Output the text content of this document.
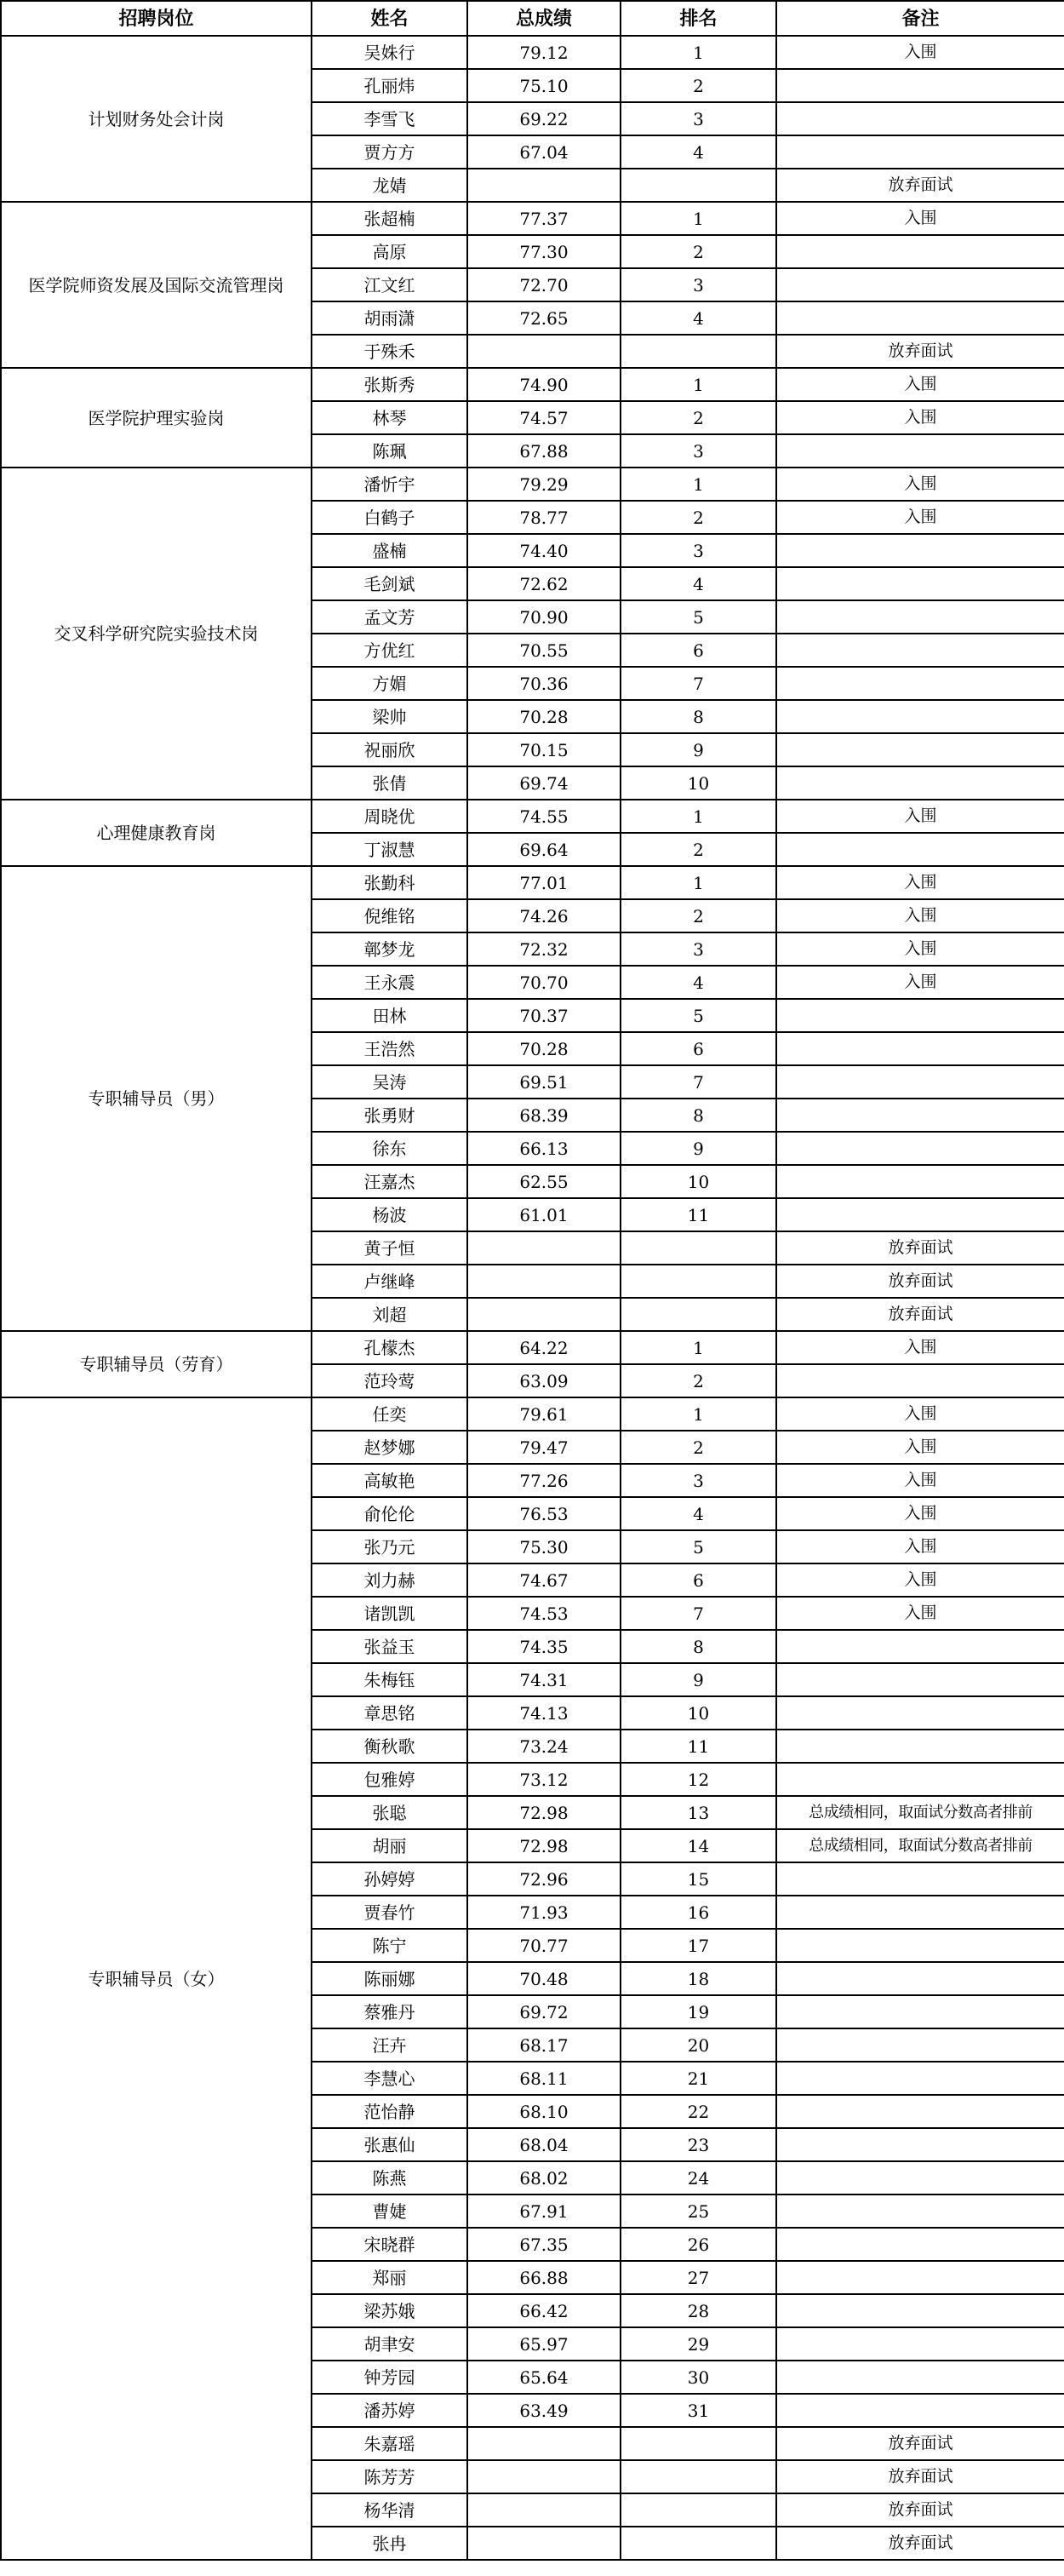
招聘岗位	姓名	总成绩	排名	备注
计划财务处会计岗	吴姝行	79.12	1	入围
	孔丽炜	75.10	2	
	李雪飞	69.22	3	
	贾方方	67.04	4	
	龙婧			放弃面试
医学院师资发展及国际交流管理岗	张超楠	77.37	1	入围
	高原	77.30	2	
	江文红	72.70	3	
	胡雨潇	72.65	4	
	于殊禾			放弃面试
医学院护理实验岗	张斯秀	74.90	1	入围
	林琴	74.57	2	入围
	陈珮	67.88	3	
交叉科学研究院实验技术岗	潘忻宇	79.29	1	入围
	白鹤子	78.77	2	入围
	盛楠	74.40	3	
	毛剑斌	72.62	4	
	孟文芳	70.90	5	
	方优红	70.55	6	
	方媚	70.36	7	
	梁帅	70.28	8	
	祝丽欣	70.15	9	
	张倩	69.74	10	
心理健康教育岗	周晓优	74.55	1	入围
	丁淑慧	69.64	2	
专职辅导员（男）	张勤科	77.01	1	入围
	倪维铭	74.26	2	入围
	鄣梦龙	72.32	3	入围
	王永震	70.70	4	入围
	田林	70.37	5	
	王浩然	70.28	6	
	吴涛	69.51	7	
	张勇财	68.39	8	
	徐东	66.13	9	
	汪嘉杰	62.55	10	
	杨波	61.01	11	
	黄子恒			放弃面试
	卢继峰			放弃面试
	刘超			放弃面试
专职辅导员（劳育）	孔檬杰	64.22	1	入围
	范玲莺	63.09	2	
专职辅导员（女）	任奕	79.61	1	入围
	赵梦娜	79.47	2	入围
	高敏艳	77.26	3	入围
	俞伦伦	76.53	4	入围
	张乃元	75.30	5	入围
	刘力赫	74.67	6	入围
	诸凯凯	74.53	7	入围
	张益玉	74.35	8	
	朱梅钰	74.31	9	
	章思铭	74.13	10	
	衡秋歌	73.24	11	
	包雅婷	73.12	12	
	张聪	72.98	13	总成绩相同，取面试分数高者排前
	胡丽	72.98	14	总成绩相同，取面试分数高者排前
	孙婷婷	72.96	15	
	贾春竹	71.93	16	
	陈宁	70.77	17	
	陈丽娜	70.48	18	
	蔡雅丹	69.72	19	
	汪卉	68.17	20	
	李慧心	68.11	21	
	范怡静	68.10	22	
	张惠仙	68.04	23	
	陈燕	68.02	24	
	曹婕	67.91	25	
	宋晓群	67.35	26	
	郑丽	66.88	27	
	梁苏娥	66.42	28	
	胡聿安	65.97	29	
	钟芳园	65.64	30	
	潘苏婷	63.49	31	
	朱嘉瑶			放弃面试
	陈芳芳			放弃面试
	杨华清			放弃面试
	张冉			放弃面试
